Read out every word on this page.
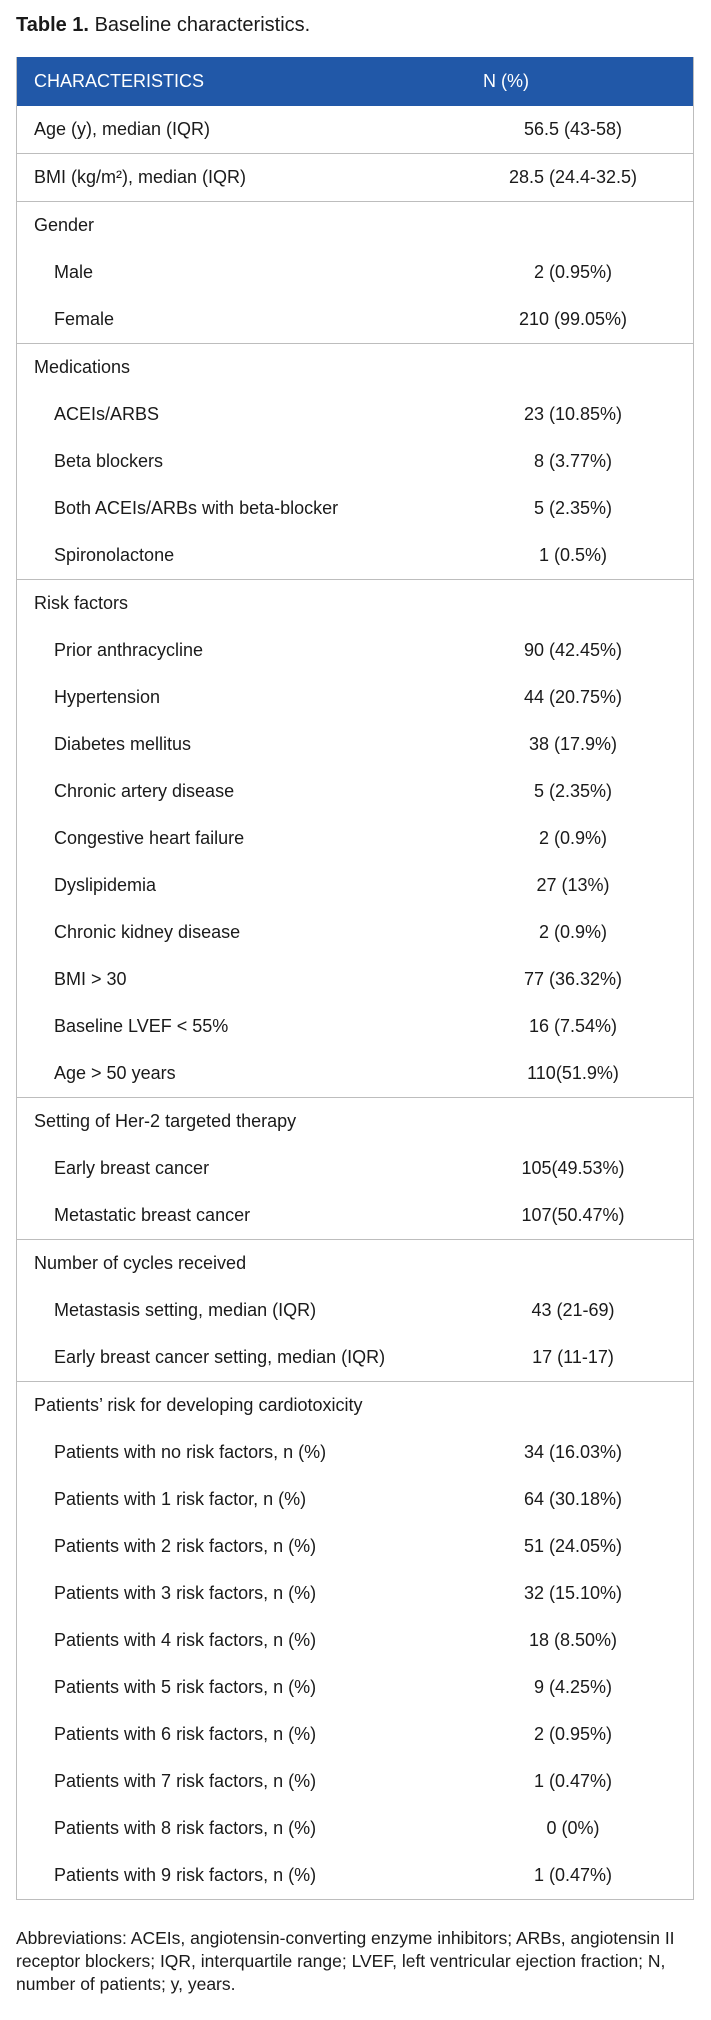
Table 1. Baseline characteristics.
CHARACTERISTICS	N (%)
Age (y), median (IQR)	56.5 (43-58)
BMI (kg/m²), median (IQR)	28.5 (24.4-32.5)
Gender
Male	2 (0.95%)
Female	210 (99.05%)
Medications
ACEIs/ARBS	23 (10.85%)
Beta blockers	8 (3.77%)
Both ACEIs/ARBs with beta-blocker	5 (2.35%)
Spironolactone	1 (0.5%)
Risk factors
Prior anthracycline	90 (42.45%)
Hypertension	44 (20.75%)
Diabetes mellitus	38 (17.9%)
Chronic artery disease	5 (2.35%)
Congestive heart failure	2 (0.9%)
Dyslipidemia	27 (13%)
Chronic kidney disease	2 (0.9%)
BMI > 30	77 (36.32%)
Baseline LVEF < 55%	16 (7.54%)
Age > 50 years	110(51.9%)
Setting of Her-2 targeted therapy
Early breast cancer	105(49.53%)
Metastatic breast cancer	107(50.47%)
Number of cycles received
Metastasis setting, median (IQR)	43 (21-69)
Early breast cancer setting, median (IQR)	17 (11-17)
Patients’ risk for developing cardiotoxicity
Patients with no risk factors, n (%)	34 (16.03%)
Patients with 1 risk factor, n (%)	64 (30.18%)
Patients with 2 risk factors, n (%)	51 (24.05%)
Patients with 3 risk factors, n (%)	32 (15.10%)
Patients with 4 risk factors, n (%)	18 (8.50%)
Patients with 5 risk factors, n (%)	9 (4.25%)
Patients with 6 risk factors, n (%)	2 (0.95%)
Patients with 7 risk factors, n (%)	1 (0.47%)
Patients with 8 risk factors, n (%)	0 (0%)
Patients with 9 risk factors, n (%)	1 (0.47%)
Abbreviations: ACEIs, angiotensin-converting enzyme inhibitors; ARBs, angiotensin II receptor blockers; IQR, interquartile range; LVEF, left ventricular ejection fraction; N, number of patients; y, years.
